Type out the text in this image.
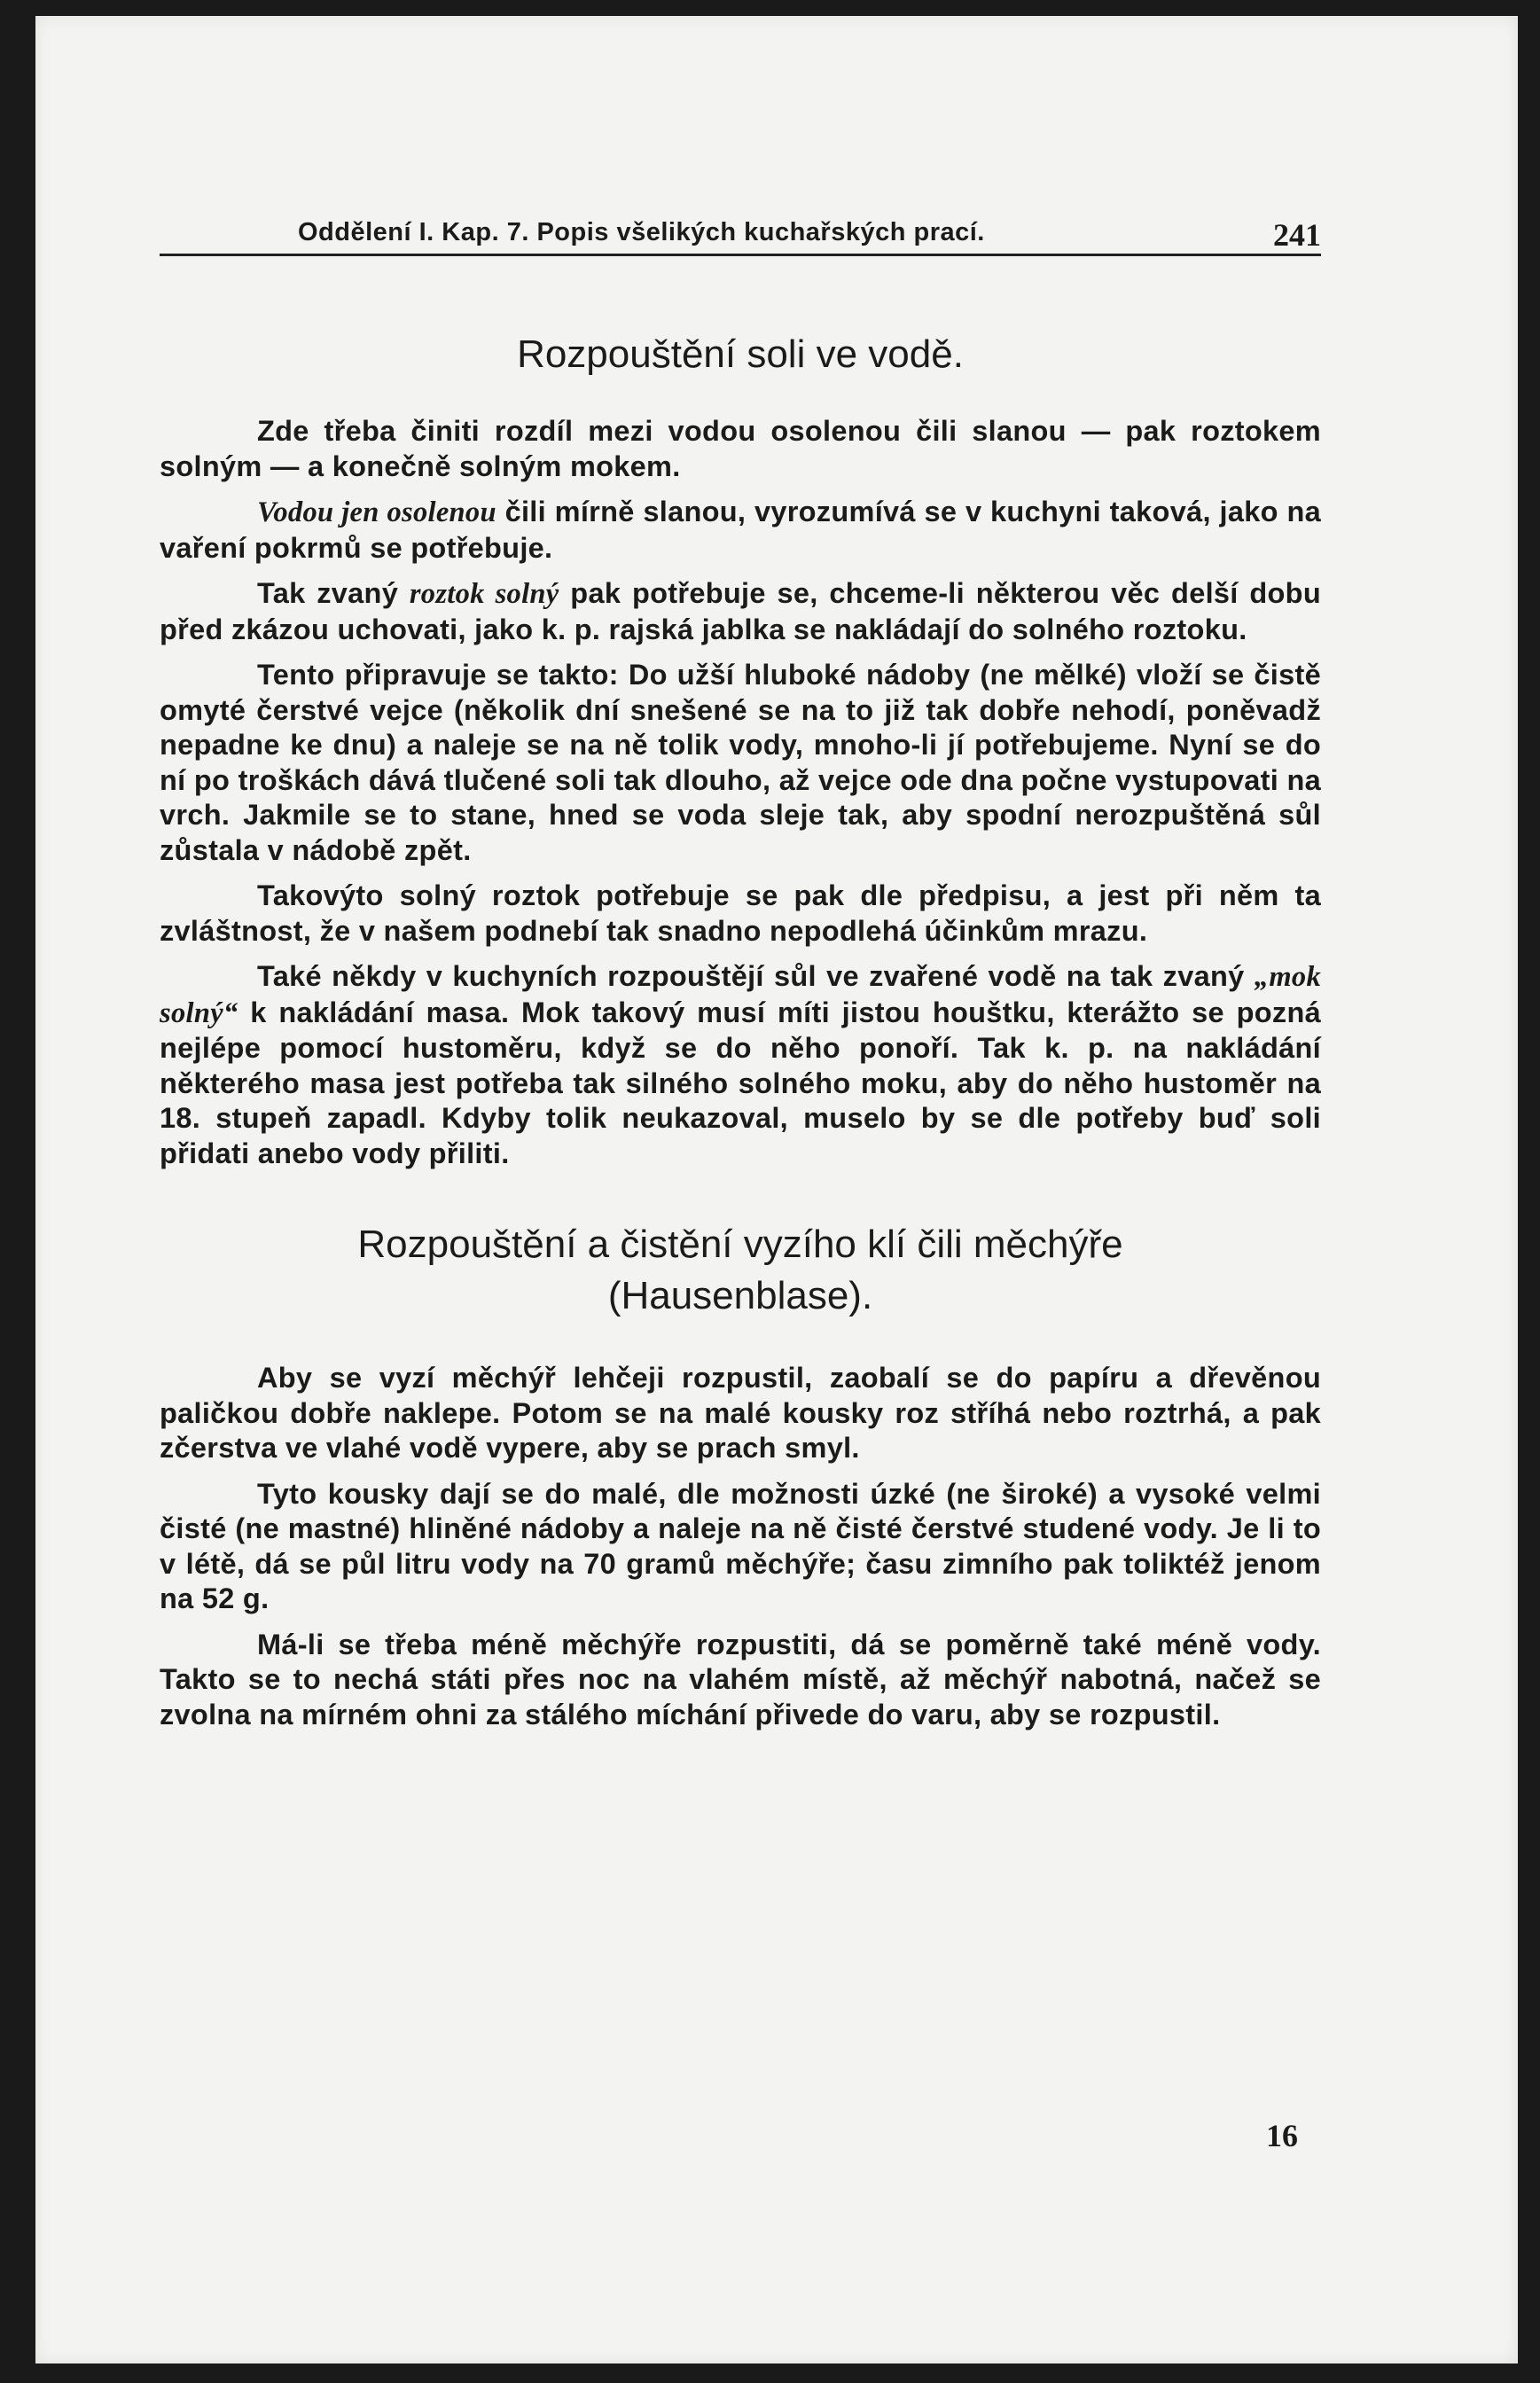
Oddělení I. Kap. 7. Popis všelikých kuchařských prací.	241
Rozpouštění soli ve vodě.

Zde třeba činiti rozdíl mezi vodou osolenou čili slanou — pak roztokem solným — a konečně solným mokem.

Vodou jen osolenou čili mírně slanou, vyrozumívá se v kuchyni taková, jako na vaření pokrmů se potřebuje.

Tak zvaný roztok solný pak potřebuje se, chceme-li některou věc delší dobu před zkázou uchovati, jako k. p. rajská jablka se nakládají do solného roztoku.

Tento připravuje se takto: Do užší hluboké nádoby (ne mělké) vloží se čistě omyté čerstvé vejce (několik dní snešené se na to již tak dobře nehodí, poněvadž nepadne ke dnu) a naleje se na ně tolik vody, mnoho-li jí potřebujeme. Nyní se do ní po troškách dává tlučené soli tak dlouho, až vejce ode dna počne vystupovati na vrch. Jakmile se to stane, hned se voda sleje tak, aby spodní nerozpuštěná sůl zůstala v nádobě zpět.

Takovýto solný roztok potřebuje se pak dle předpisu, a jest při něm ta zvláštnost, že v našem podnebí tak snadno nepodlehá účinkům mrazu.

Také někdy v kuchyních rozpouštějí sůl ve zvařené vodě na tak zvaný „mok solný“ k nakládání masa. Mok takový musí míti jistou houštku, kterážto se pozná nejlépe pomocí hustoměru, když se do něho ponoří. Tak k. p. na nakládání některého masa jest potřeba tak silného solného moku, aby do něho hustoměr na 18. stupeň zapadl. Kdyby tolik neukazoval, muselo by se dle potřeby buď soli přidati anebo vody přiliti.

Rozpouštění a čistění vyzího klí čili měchýře
(Hausenblase).

Aby se vyzí měchýř lehčeji rozpustil, zaobalí se do papíru a dřevěnou paličkou dobře naklepe. Potom se na malé kousky roz stříhá nebo roztrhá, a pak zčerstva ve vlahé vodě vypere, aby se prach smyl.

Tyto kousky dají se do malé, dle možnosti úzké (ne široké) a vysoké velmi čisté (ne mastné) hliněné nádoby a naleje na ně čisté čerstvé studené vody. Je li to v létě, dá se půl litru vody na 70 gramů měchýře; času zimního pak toliktéž jenom na 52 g.

Má-li se třeba méně měchýře rozpustiti, dá se poměrně také méně vody. Takto se to nechá státi přes noc na vlahém místě, až měchýř nabotná, načež se zvolna na mírném ohni za stálého míchání přivede do varu, aby se rozpustil.

16
